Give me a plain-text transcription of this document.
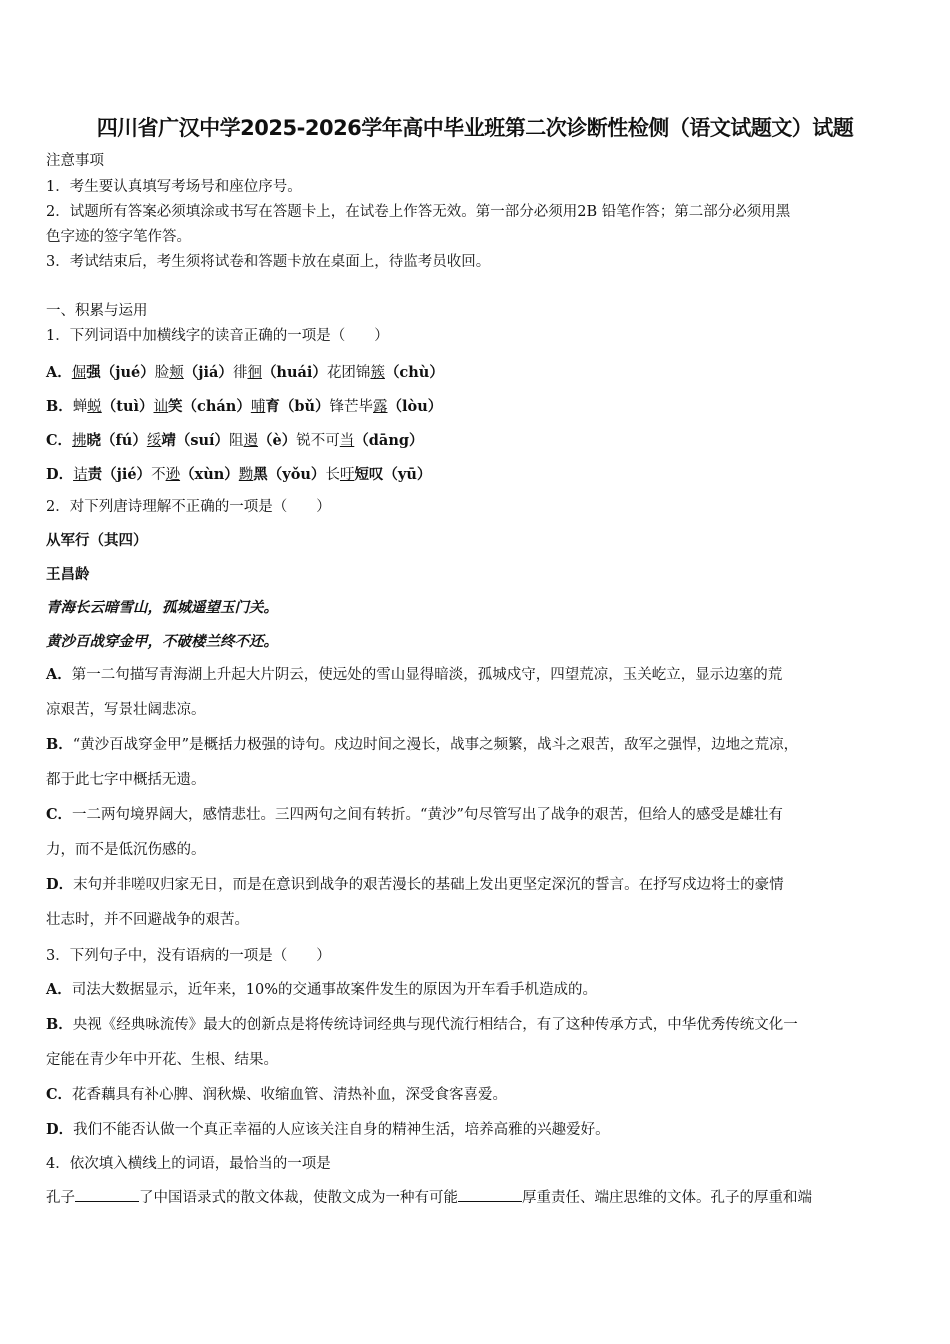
四川省广汉中学2025-2026学年高中毕业班第二次诊断性检侧（语文试题文）试题
注意事项
1．考生要认真填写考场号和座位序号。
2．试题所有答案必须填涂或书写在答题卡上，在试卷上作答无效。第一部分必须用2B 铅笔作答；第二部分必须用黑
色字迹的签字笔作答。
3．考试结束后，考生须将试卷和答题卡放在桌面上，待监考员收回。
一、积累与运用
1．下列词语中加横线字的读音正确的一项是（　　）
2．对下列唐诗理解不正确的一项是（　　）
从军行（其四）
王昌龄
青海长云暗雪山，孤城遥望玉门关。
黄沙百战穿金甲，不破楼兰终不还。
3．下列句子中，没有语病的一项是（　　）
4．依次填入横线上的词语，最恰当的一项是
孔子	了中国语录式的散文体裁，使散文成为一种有可能	厚重责任、端庄思维的文体。孔子的厚重和端
A．倔强（jué）脸颊（jiá）徘徊（huái）花团锦簇（chù）
B．蝉蜕（tuì）讪笑（chán）哺育（bǔ）锋芒毕露（lòu）
C．拂晓（fú）绥靖（suí）阻遏（è）锐不可当（dāng）
D．诘责（jié）不逊（xùn）黝黑（yǒu）长吁短叹（yū）
A．第一二句描写青海湖上升起大片阴云，使远处的雪山显得暗淡，孤城戍守，四望荒凉，玉关屹立，显示边塞的荒
凉艰苦，写景壮阔悲凉。
B．“黄沙百战穿金甲”是概括力极强的诗句。戍边时间之漫长，战事之频繁，战斗之艰苦，敌军之强悍，边地之荒凉，
都于此七字中概括无遗。
C．一二两句境界阔大，感情悲壮。三四两句之间有转折。“黄沙”句尽管写出了战争的艰苦，但给人的感受是雄壮有
力，而不是低沉伤感的。
D．末句并非嗟叹归家无日，而是在意识到战争的艰苦漫长的基础上发出更坚定深沉的誓言。在抒写戍边将士的豪情
壮志时，并不回避战争的艰苦。
A．司法大数据显示，近年来，10%的交通事故案件发生的原因为开车看手机造成的。
B．央视《经典咏流传》最大的创新点是将传统诗词经典与现代流行相结合，有了这种传承方式，中华优秀传统文化一
定能在青少年中开花、生根、结果。
C．花香藕具有补心脾、润秋燥、收缩血管、清热补血，深受食客喜爱。
D．我们不能否认做一个真正幸福的人应该关注自身的精神生活，培养高雅的兴趣爱好。
